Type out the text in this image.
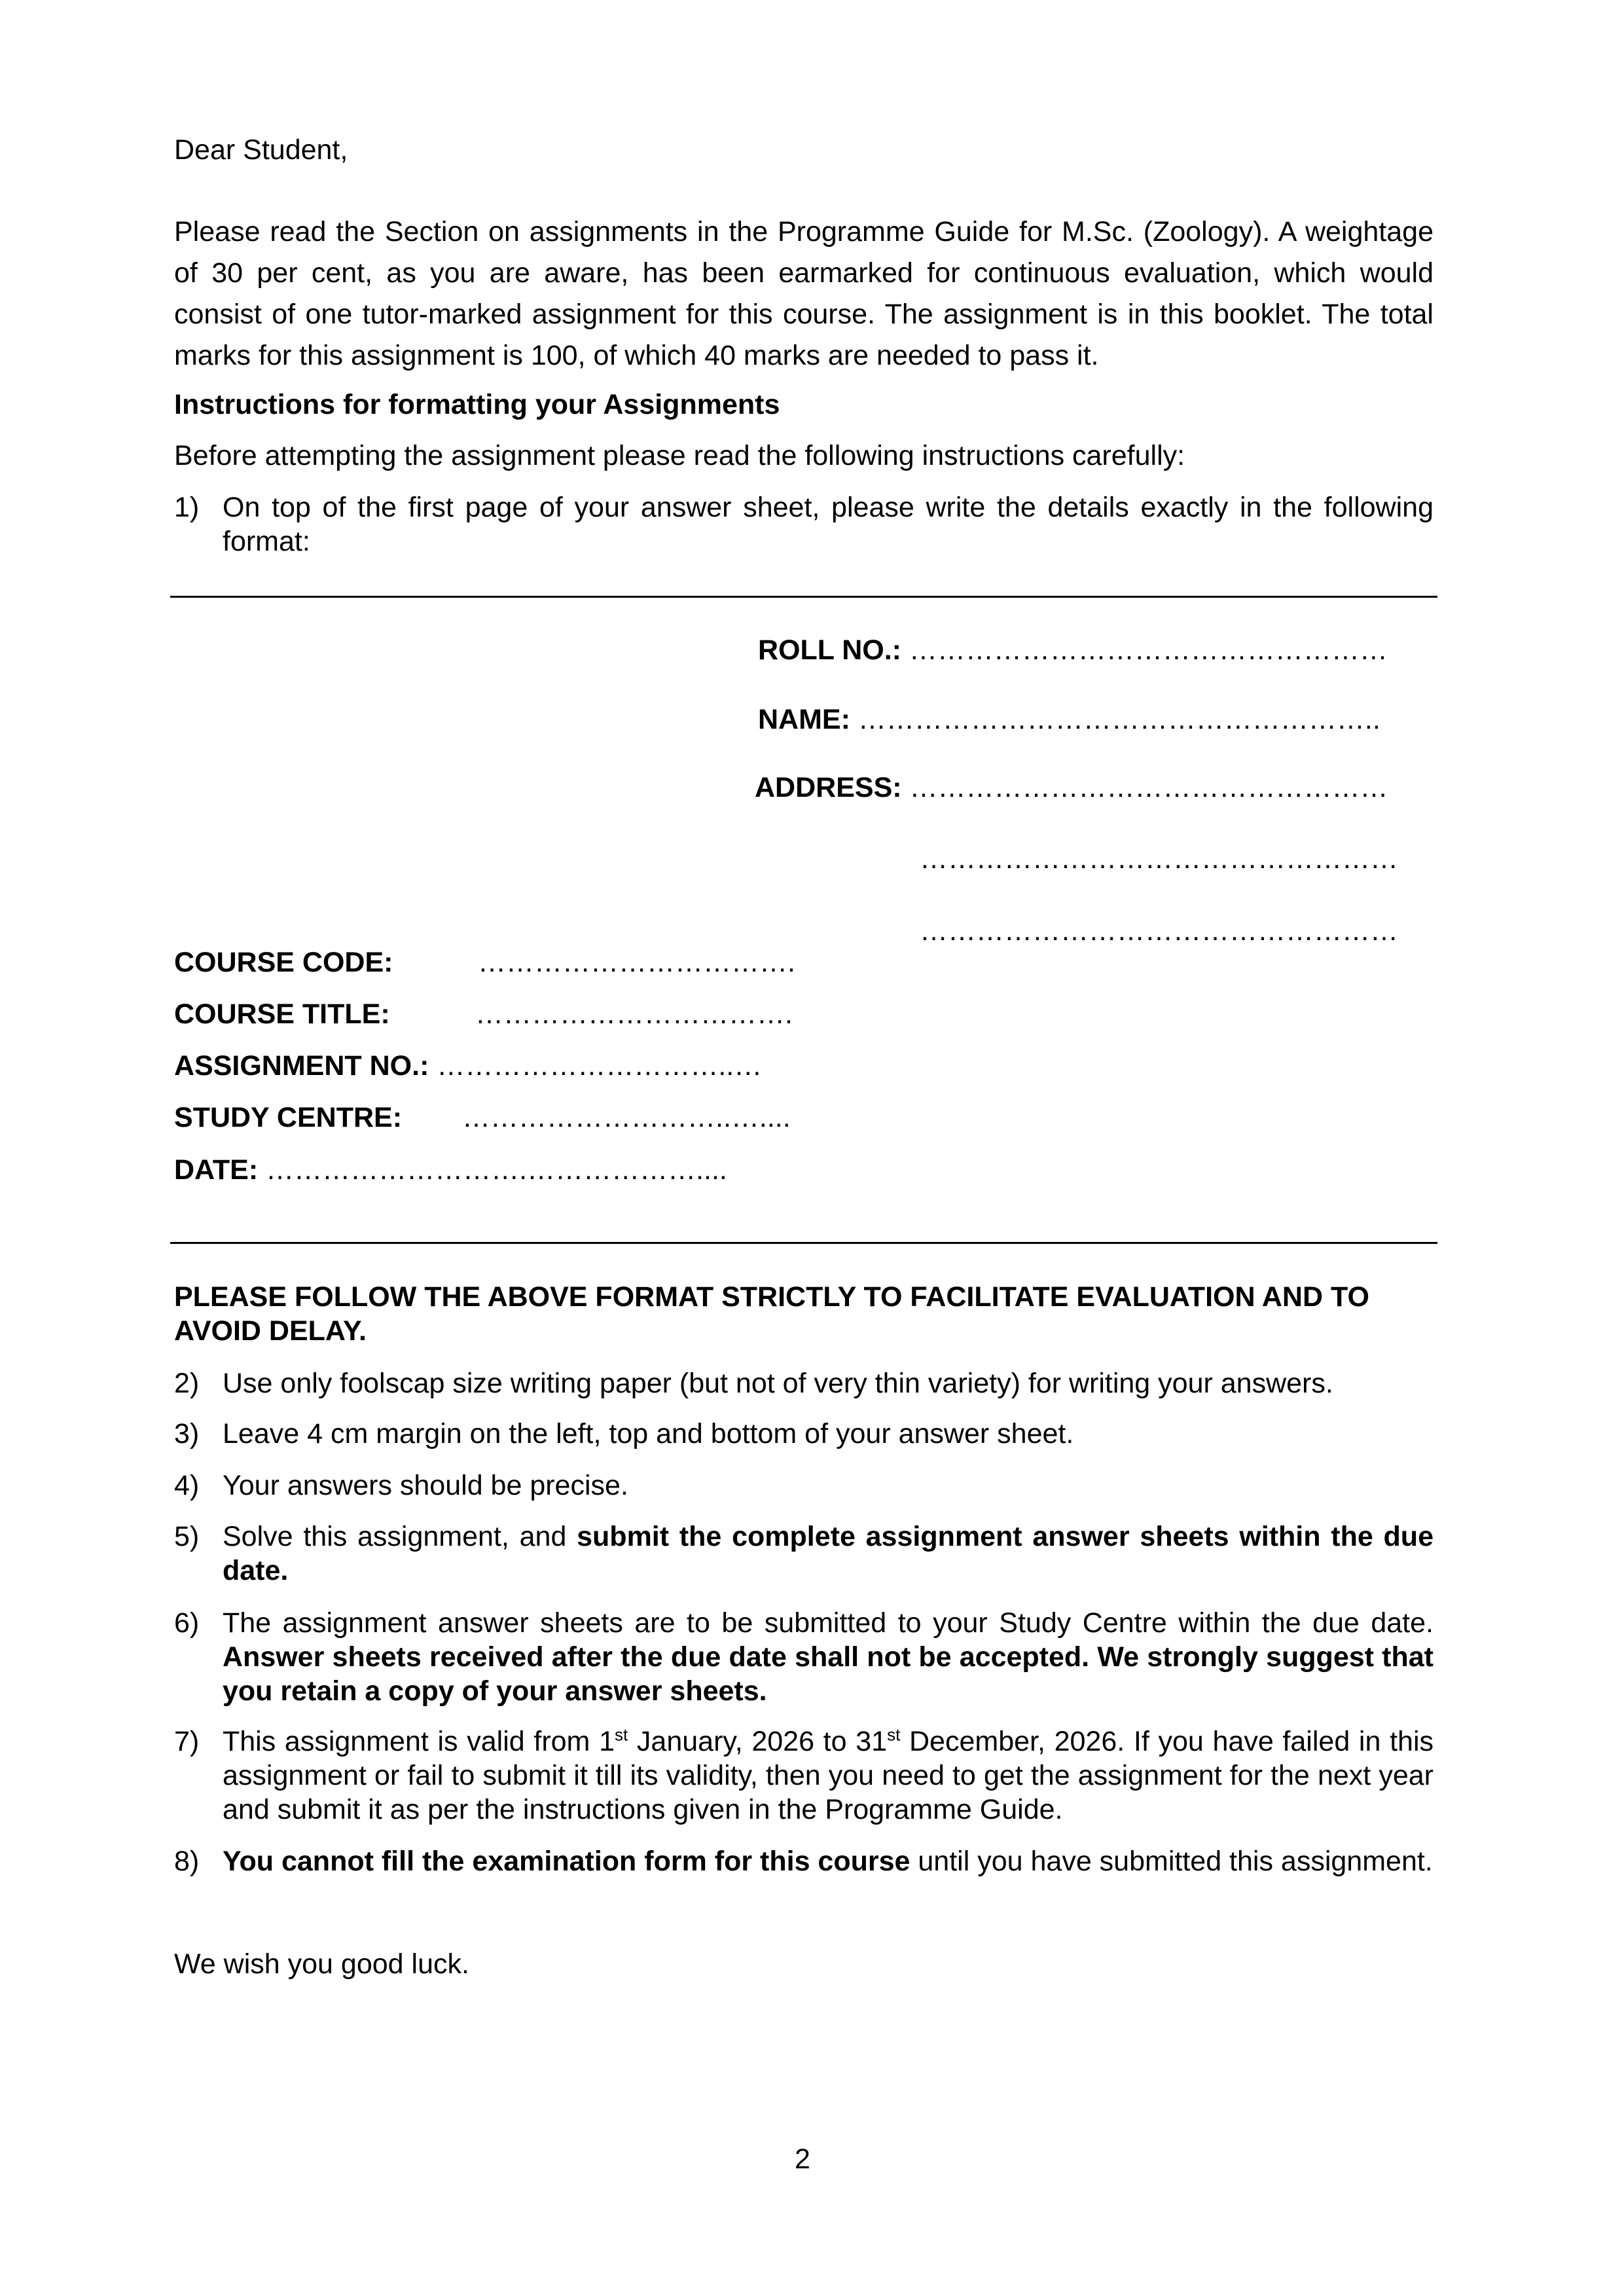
Dear Student,
Please read the Section on assignments in the Programme Guide for M.Sc. (Zoology). A weightage of 30 per cent, as you are aware, has been earmarked for continuous evaluation, which would consist of one tutor-marked assignment for this course. The assignment is in this booklet. The total marks for this assignment is 100, of which 40 marks are needed to pass it.
Instructions for formatting your Assignments
Before attempting the assignment please read the following instructions carefully:
1) On top of the first page of your answer sheet, please write the details exactly in the following format:
ROLL NO.: ……………………………………………
NAME: ………………………………………………..
ADDRESS: ……………………………………………
……………………………………………
……………………………………………
COURSE CODE:	…………………………….
COURSE TITLE:	…………………………….
ASSIGNMENT NO.: …………………………..…
STUDY CENTRE: ………………………..…....
DATE: ……………………….………………....
PLEASE FOLLOW THE ABOVE FORMAT STRICTLY TO FACILITATE EVALUATION AND TO AVOID DELAY.
2) Use only foolscap size writing paper (but not of very thin variety) for writing your answers.
3) Leave 4 cm margin on the left, top and bottom of your answer sheet.
4) Your answers should be precise.
5) Solve this assignment, and submit the complete assignment answer sheets within the due date.
6) The assignment answer sheets are to be submitted to your Study Centre within the due date. Answer sheets received after the due date shall not be accepted. We strongly suggest that you retain a copy of your answer sheets.
7) This assignment is valid from 1st January, 2026 to 31st December, 2026. If you have failed in this assignment or fail to submit it till its validity, then you need to get the assignment for the next year and submit it as per the instructions given in the Programme Guide.
8) You cannot fill the examination form for this course until you have submitted this assignment.
We wish you good luck.
2
